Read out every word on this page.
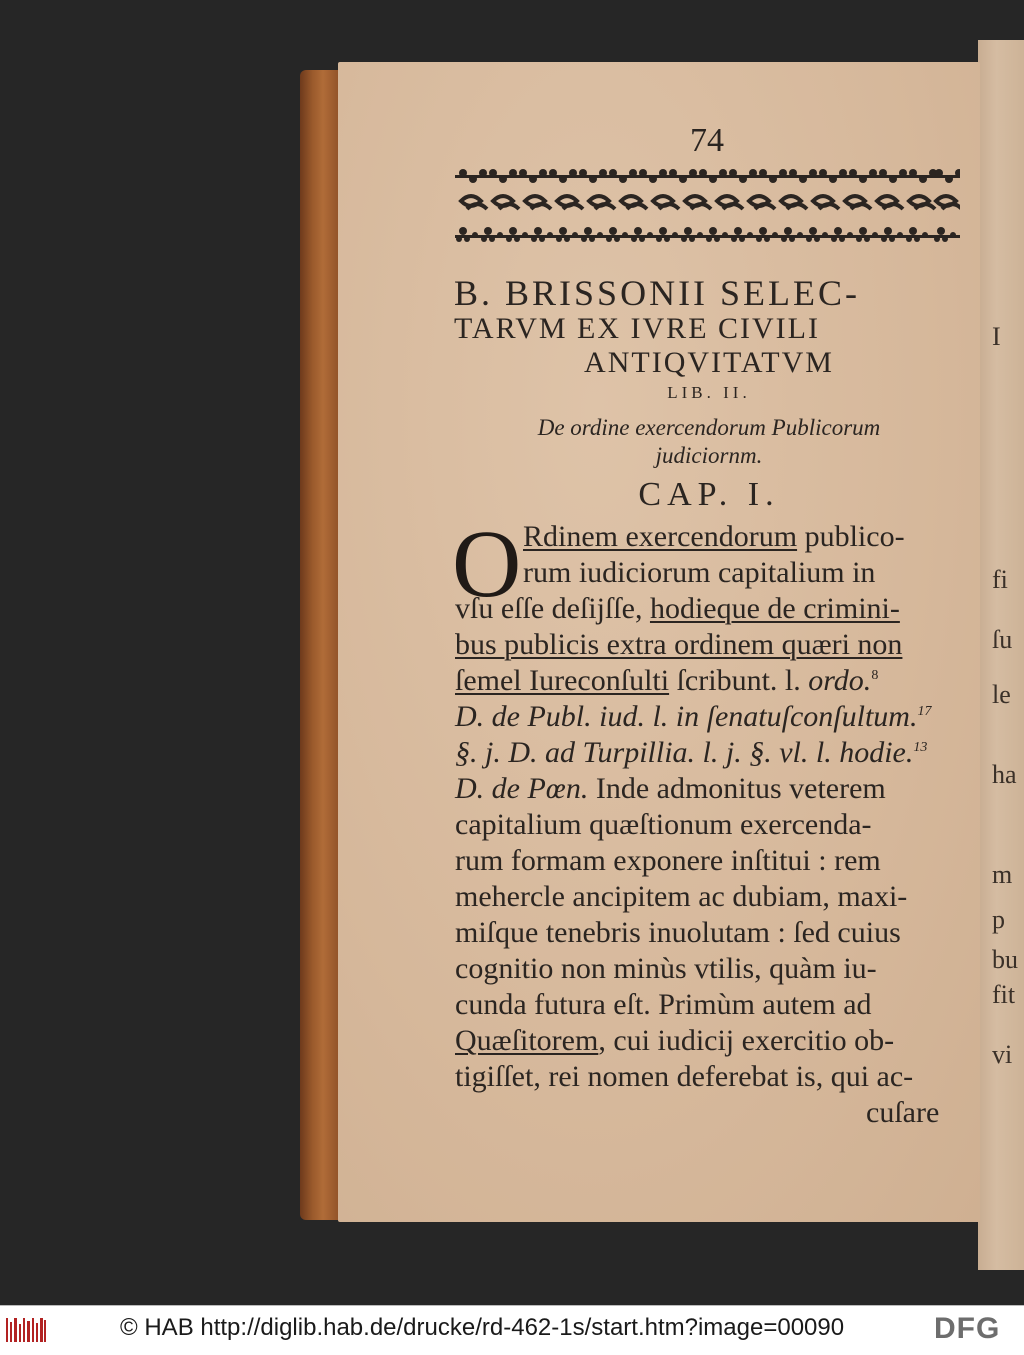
I
fi
ſu
le
ha
m
p
bu
fit
vi
74
B. BRISSONII SELEC-
TARVM EX IVRE CIVILI
ANTIQVITATVM
LIB. II.
De ordine exercendorum Publicorum
judiciornm.
CAP. I.
O Rdinem exercendorum publico-
rum iudiciorum capitalium in
vſu eſſe deſijſſe, hodieque de crimini-
bus publicis extra ordinem quæri non
ſemel Iureconſulti ſcribunt. l. ordo.$^8$
D. de Publ. iud. l. in ſenatuſconſultum.$^{17}$
§. j. D. ad Turpillia. l. j. §. vl. l. hodie.$^{13}$
D. de Pœn. Inde admonitus veterem
capitalium quæſtionum exercenda-
rum formam exponere inſtitui : rem
mehercle ancipitem ac dubiam, maxi-
miſque tenebris inuolutam : ſed cuius
cognitio non minùs vtilis, quàm iu-
cunda futura eſt. Primùm autem ad
Quæſitorem, cui iudicij exercitio ob-
tigiſſet, rei nomen deferebat is, qui ac-
cuſare
© HAB http://diglib.hab.de/drucke/rd-462-1s/start.htm?image=00090	DFG
